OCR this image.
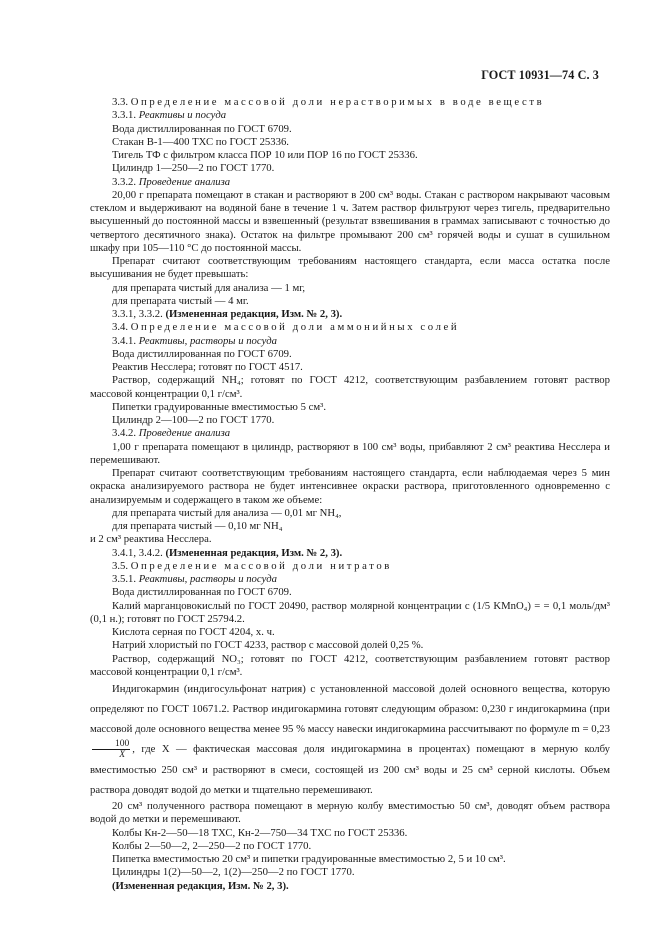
ГОСТ 10931—74 С. 3

3.3. Определение массовой доли нерастворимых в воде веществ

3.3.1. Реактивы и посуда

Вода дистиллированная по ГОСТ 6709.

Стакан В-1—400 ТХС по ГОСТ 25336.

Тигель ТФ с фильтром класса ПОР 10 или ПОР 16 по ГОСТ 25336.

Цилиндр 1—250—2 по ГОСТ 1770.

3.3.2. Проведение анализа

20,00 г препарата помещают в стакан и растворяют в 200 см³ воды. Стакан с раствором накрывают часовым стеклом и выдерживают на водяной бане в течение 1 ч. Затем раствор фильтруют через тигель, предварительно высушенный до постоянной массы и взвешенный (результат взвешивания в граммах записывают с точностью до четвертого десятичного знака). Остаток на фильтре промывают 200 см³ горячей воды и сушат в сушильном шкафу при 105—110 °С до постоянной массы.

Препарат считают соответствующим требованиям настоящего стандарта, если масса остатка после высушивания не будет превышать:

для препарата чистый для анализа — 1 мг,

для препарата чистый — 4 мг.

3.3.1, 3.3.2. (Измененная редакция, Изм. № 2, 3).

3.4. Определение массовой доли аммонийных солей

3.4.1. Реактивы, растворы и посуда

Вода дистиллированная по ГОСТ 6709.

Реактив Несслера; готовят по ГОСТ 4517.

Раствор, содержащий NH₄; готовят по ГОСТ 4212, соответствующим разбавлением готовят раствор массовой концентрации 0,1 г/см³.

Пипетки градуированные вместимостью 5 см³.

Цилиндр 2—100—2 по ГОСТ 1770.

3.4.2. Проведение анализа

1,00 г препарата помещают в цилиндр, растворяют в 100 см³ воды, прибавляют 2 см³ реактива Несслера и перемешивают.

Препарат считают соответствующим требованиям настоящего стандарта, если наблюдаемая через 5 мин окраска анализируемого раствора не будет интенсивнее окраски раствора, приготовленного одновременно с анализируемым и содержащего в таком же объеме:

для препарата чистый для анализа — 0,01 мг NH₄,

для препарата чистый — 0,10 мг NH₄

и 2 см³ реактива Несслера.

3.4.1, 3.4.2. (Измененная редакция, Изм. № 2, 3).

3.5. Определение массовой доли нитратов

3.5.1. Реактивы, растворы и посуда

Вода дистиллированная по ГОСТ 6709.

Калий марганцовокислый по ГОСТ 20490, раствор молярной концентрации с (1/5 KMnO₄) = = 0,1 моль/дм³ (0,1 н.); готовят по ГОСТ 25794.2.

Кислота серная по ГОСТ 4204, х. ч.

Натрий хлористый по ГОСТ 4233, раствор с массовой долей 0,25 %.

Раствор, содержащий NO₃; готовят по ГОСТ 4212, соответствующим разбавлением готовят раствор массовой концентрации 0,1 г/см³.

Индигокармин (индигосульфонат натрия) с установленной массовой долей основного вещества, которую определяют по ГОСТ 10671.2. Раствор индигокармина готовят следующим образом: 0,230 г индигокармина (при массовой доле основного вещества менее 95 % массу навески индигокармина рассчитывают по формуле m = 0,23
$\frac{100}{X}$ , где X — фактическая массовая доля индигокармина в процентах) помещают в мерную колбу вместимостью 250 см³ и растворяют в смеси, состоящей из 200 см³ воды и 25 см³ серной кислоты. Объем раствора доводят водой до метки и тщательно перемешивают.

20 см³ полученного раствора помещают в мерную колбу вместимостью 50 см³, доводят объем раствора водой до метки и перемешивают.

Колбы Кн-2—50—18 ТХС, Кн-2—750—34 ТХС по ГОСТ 25336.

Колбы 2—50—2, 2—250—2 по ГОСТ 1770.

Пипетка вместимостью 20 см³ и пипетки градуированные вместимостью 2, 5 и 10 см³.

Цилиндры 1(2)—50—2, 1(2)—250—2 по ГОСТ 1770.

(Измененная редакция, Изм. № 2, 3).
